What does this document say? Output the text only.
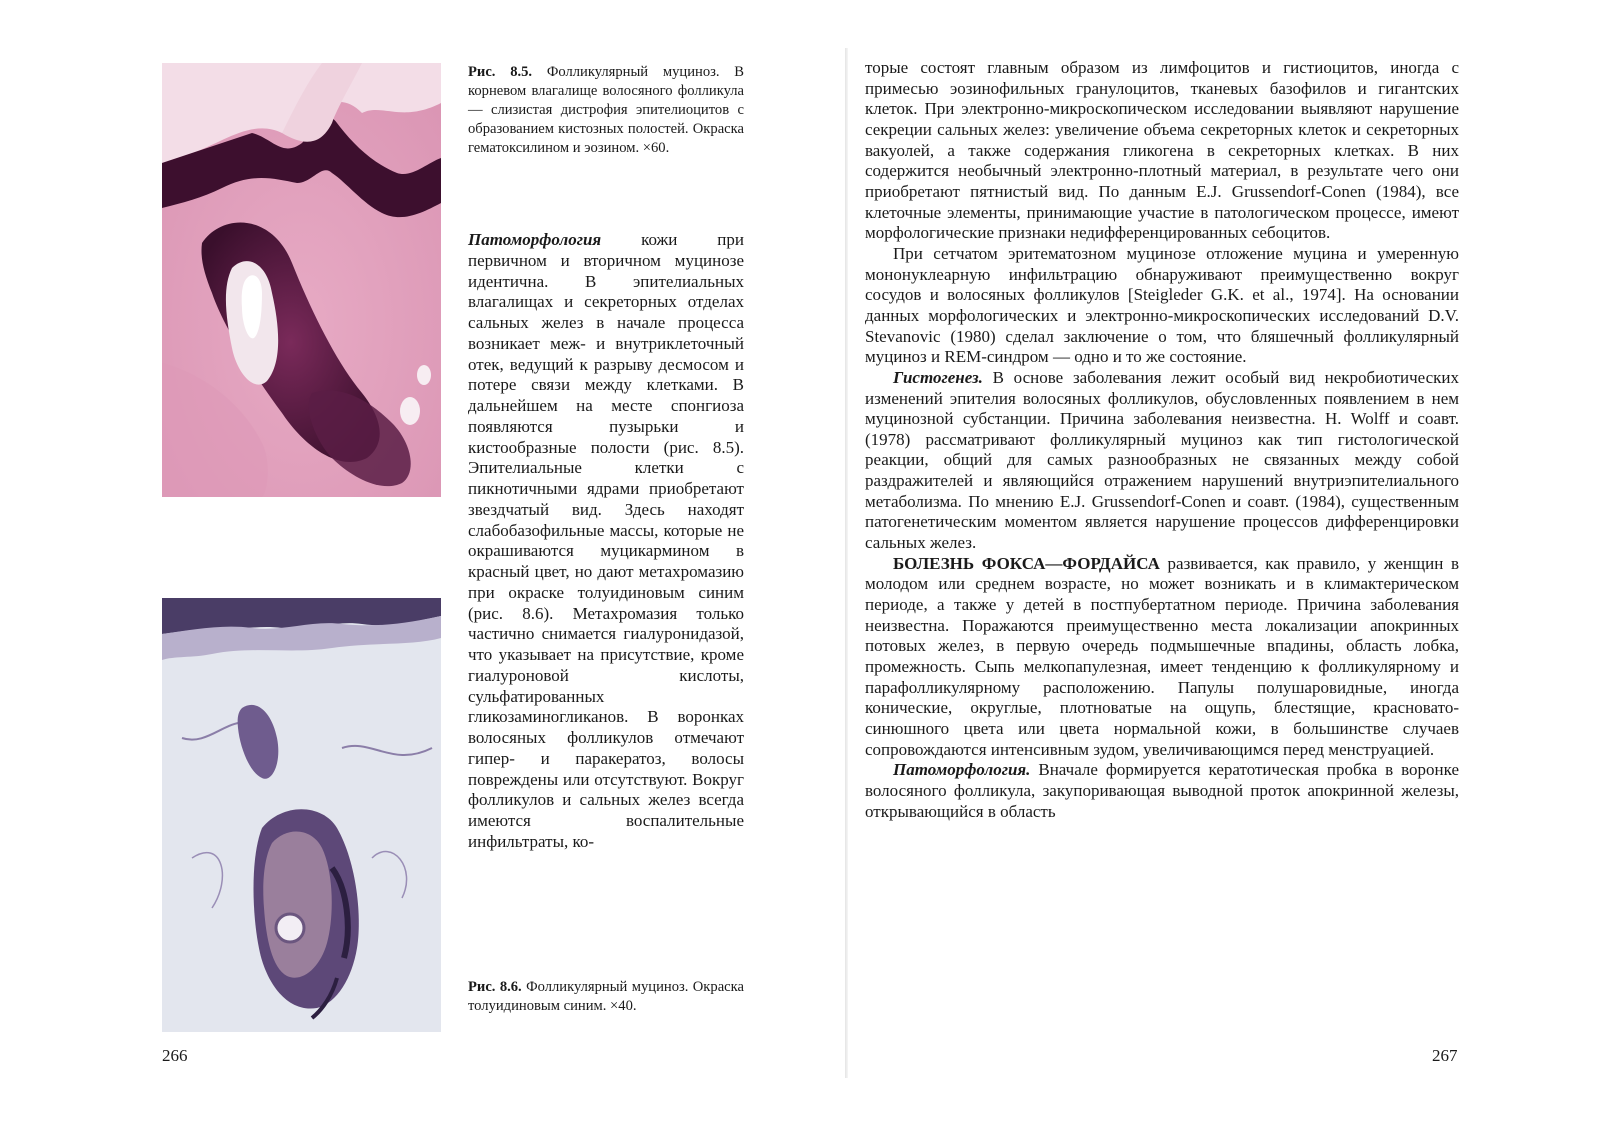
Рис. 8.5. Фолликулярный муциноз. В корневом влагалище волосяного фолликула — слизистая дистрофия эпителиоцитов с образованием кистозных полостей. Окраска гематоксилином и эозином. ×60.

Патоморфология кожи при первичном и вторичном муцинозе идентична. В эпителиальных влагалищах и секреторных отделах сальных желез в начале процесса возникает меж- и внутриклеточный отек, ведущий к разрыву десмосом и потере связи между клетками. В дальнейшем на месте спонгиоза появляются пузырьки и кистообразные полости (рис. 8.5). Эпителиальные клетки с пикнотичными ядрами приобретают звездчатый вид. Здесь находят слабобазофильные массы, которые не окрашиваются муцикармином в красный цвет, но дают метахромазию при окраске толуидиновым синим (рис. 8.6). Метахромазия только частично снимается гиалуронидазой, что указывает на присутствие, кроме гиалуроновой кислоты, сульфатированных гликозаминогликанов. В воронках волосяных фолликулов отмечают гипер- и паракератоз, волосы повреждены или отсутствуют. Вокруг фолликулов и сальных желез всегда имеются воспалительные инфильтраты, ко-

Рис. 8.6. Фолликулярный муциноз. Окраска толуидиновым синим. ×40.

266

торые состоят главным образом из лимфоцитов и гистиоцитов, иногда с примесью эозинофильных гранулоцитов, тканевых базофилов и гигантских клеток. При электронно-микроскопическом исследовании выявляют нарушение секреции сальных желез: увеличение объема секреторных клеток и секреторных вакуолей, а также содержания гликогена в секреторных клетках. В них содержится необычный электронно-плотный материал, в результате чего они приобретают пятнистый вид. По данным E.J. Grussendorf-Conen (1984), все клеточные элементы, принимающие участие в патологическом процессе, имеют морфологические признаки недифференцированных себоцитов.

При сетчатом эритематозном муцинозе отложение муцина и умеренную мононуклеарную инфильтрацию обнаруживают преимущественно вокруг сосудов и волосяных фолликулов [Steigleder G.K. et al., 1974]. На основании данных морфологических и электронно-микроскопических исследований D.V. Stevanovic (1980) сделал заключение о том, что бляшечный фолликулярный муциноз и REM-синдром — одно и то же состояние.

Гистогенез. В основе заболевания лежит особый вид некробиотических изменений эпителия волосяных фолликулов, обусловленных появлением в нем муцинозной субстанции. Причина заболевания неизвестна. H. Wolff и соавт. (1978) рассматривают фолликулярный муциноз как тип гистологической реакции, общий для самых разнообразных не связанных между собой раздражителей и являющийся отражением нарушений внутриэпителиального метаболизма. По мнению E.J. Grussendorf-Conen и соавт. (1984), существенным патогенетическим моментом является нарушение процессов дифференцировки сальных желез.

БОЛЕЗНЬ ФОКСА—ФОРДАЙСА развивается, как правило, у женщин в молодом или среднем возрасте, но может возникать и в климактерическом периоде, а также у детей в постпубертатном периоде. Причина заболевания неизвестна. Поражаются преимущественно места локализации апокринных потовых желез, в первую очередь подмышечные впадины, область лобка, промежность. Сыпь мелкопапулезная, имеет тенденцию к фолликулярному и парафолликулярному расположению. Папулы полушаровидные, иногда конические, округлые, плотноватые на ощупь, блестящие, красновато-синюшного цвета или цвета нормальной кожи, в большинстве случаев сопровождаются интенсивным зудом, увеличивающимся перед менструацией.

Патоморфология. Вначале формируется кератотическая пробка в воронке волосяного фолликула, закупоривающая выводной проток апокринной железы, открывающийся в область

267
